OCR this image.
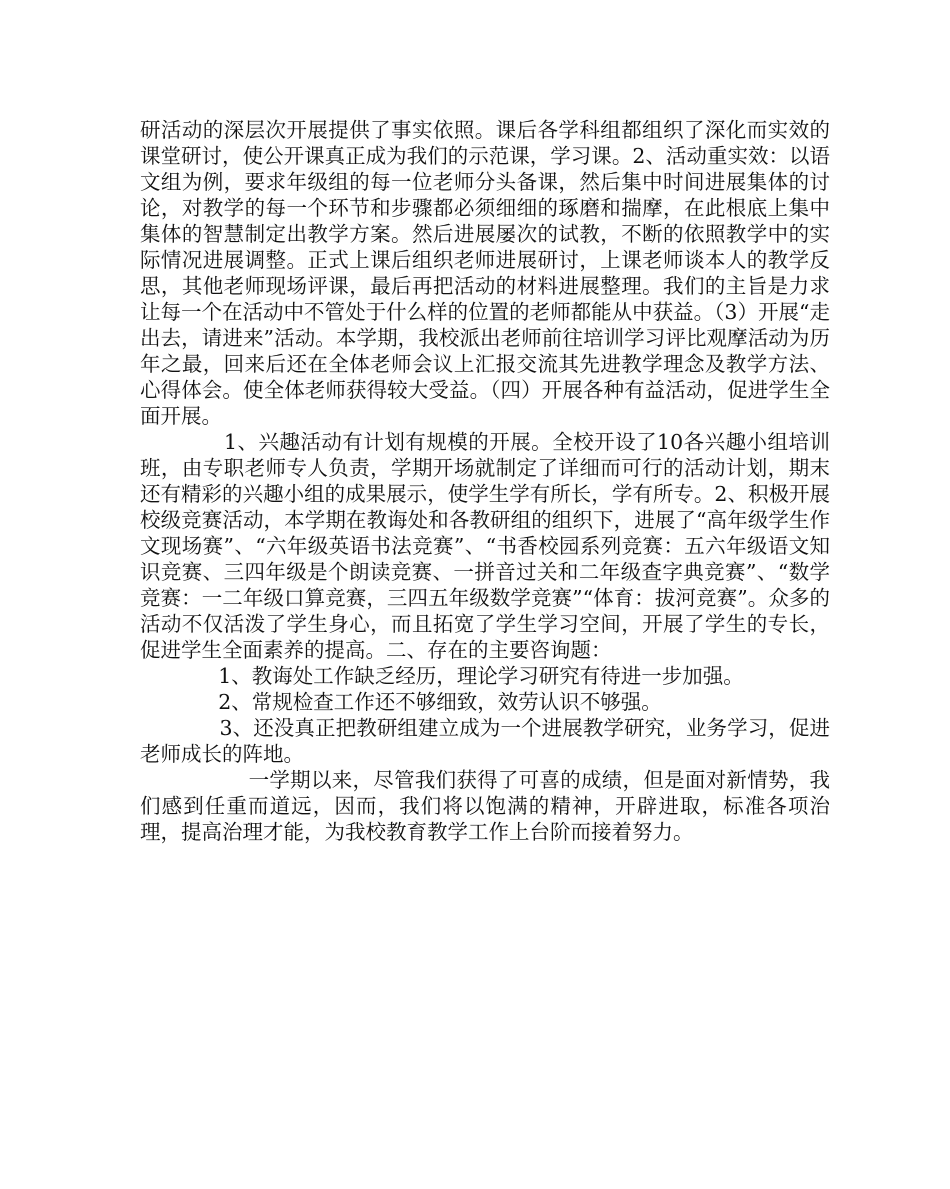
研活动的深层次开展提供了事实依照。课后各学科组都组织了深化而实效的课堂研讨，使公开课真正成为我们的示范课，学习课。2、活动重实效：以语文组为例，要求年级组的每一位老师分头备课，然后集中时间进展集体的讨论，对教学的每一个环节和步骤都必须细细的琢磨和揣摩，在此根底上集中集体的智慧制定出教学方案。然后进展屡次的试教，不断的依照教学中的实际情况进展调整。正式上课后组织老师进展研讨，上课老师谈本人的教学反思，其他老师现场评课，最后再把活动的材料进展整理。我们的主旨是力求让每一个在活动中不管处于什么样的位置的老师都能从中获益。（3）开展“走出去，请进来”活动。本学期，我校派出老师前往培训学习评比观摩活动为历年之最，回来后还在全体老师会议上汇报交流其先进教学理念及教学方法、心得体会。使全体老师获得较大受益。（四）开展各种有益活动，促进学生全面开展。

1、兴趣活动有计划有规模的开展。全校开设了10各兴趣小组培训班，由专职老师专人负责，学期开场就制定了详细而可行的活动计划，期末还有精彩的兴趣小组的成果展示，使学生学有所长，学有所专。2、积极开展校级竞赛活动，本学期在教诲处和各教研组的组织下，进展了“高年级学生作文现场赛”、“六年级英语书法竞赛”、“书香校园系列竞赛：五六年级语文知识竞赛、三四年级是个朗读竞赛、一拼音过关和二年级查字典竞赛”、“数学竞赛：一二年级口算竞赛，三四五年级数学竞赛”“体育：拔河竞赛”。众多的活动不仅活泼了学生身心，而且拓宽了学生学习空间，开展了学生的专长，促进学生全面素养的提高。二、存在的主要咨询题：

1、教诲处工作缺乏经历，理论学习研究有待进一步加强。

2、常规检查工作还不够细致，效劳认识不够强。

3、还没真正把教研组建立成为一个进展教学研究，业务学习，促进老师成长的阵地。

一学期以来，尽管我们获得了可喜的成绩，但是面对新情势，我们感到任重而道远，因而，我们将以饱满的精神，开辟进取，标准各项治理，提高治理才能，为我校教育教学工作上台阶而接着努力。
